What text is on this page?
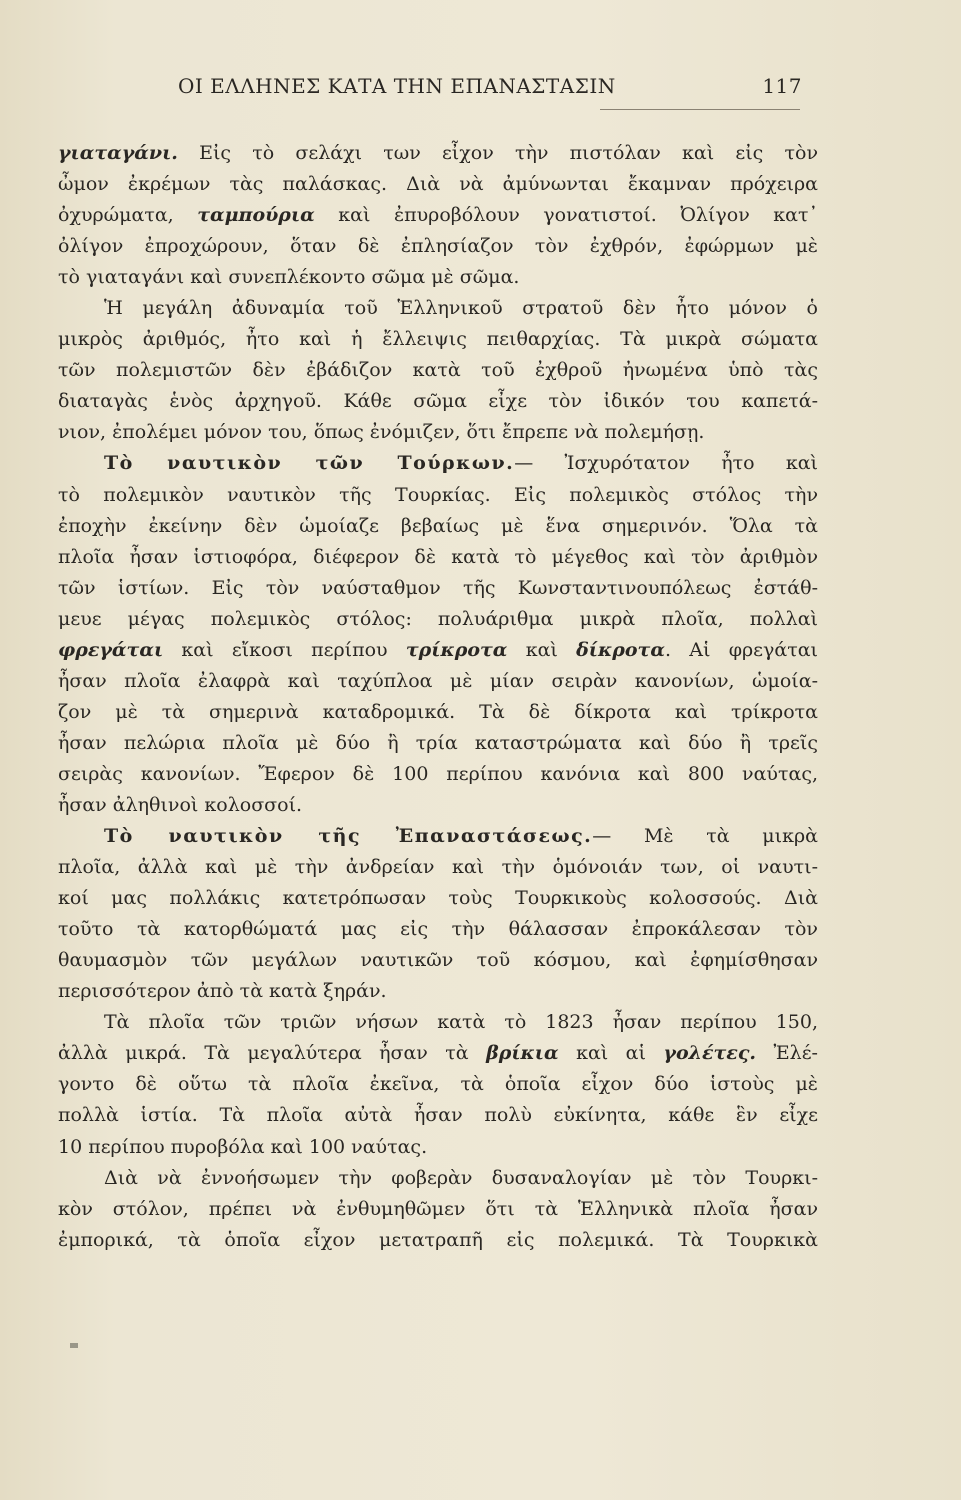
ΟΙ ΕΛΛΗΝΕΣ ΚΑΤΑ ΤΗΝ ΕΠΑΝΑΣΤΑΣΙΝ	117

γιαταγάνι. Εἰς τὸ σελάχι των εἶχον τὴν πιστόλαν καὶ εἰς τὸν

ὦμον ἐκρέμων τὰς παλάσκας. Διὰ νὰ ἀμύνωνται ἔκαμναν πρόχειρα

ὀχυρώματα, ταμπούρια καὶ ἐπυροβόλουν γονατιστοί. Ὀλίγον κατ᾽

ὀλίγον ἐπροχώρουν, ὅταν δὲ ἐπλησίαζον τὸν ἐχθρόν, ἐφώρμων μὲ

τὸ γιαταγάνι καὶ συνεπλέκοντο σῶμα μὲ σῶμα.

Ἡ μεγάλη ἀδυναμία τοῦ Ἑλληνικοῦ στρατοῦ δὲν ἦτο μόνον ὁ

μικρὸς ἀριθμός, ἦτο καὶ ἡ ἔλλειψις πειθαρχίας. Τὰ μικρὰ σώματα

τῶν πολεμιστῶν δὲν ἐβάδιζον κατὰ τοῦ ἐχθροῦ ἠνωμένα ὑπὸ τὰς

διαταγὰς ἑνὸς ἀρχηγοῦ. Κάθε σῶμα εἶχε τὸν ἰδικόν του καπετά-

νιον, ἐπολέμει μόνον του, ὅπως ἐνόμιζεν, ὅτι ἔπρεπε νὰ πολεμήσῃ.

Τὸ ναυτικὸν τῶν Τούρκων.— Ἰσχυρότατον ἦτο καὶ

τὸ πολεμικὸν ναυτικὸν τῆς Τουρκίας. Εἰς πολεμικὸς στόλος τὴν

ἐποχὴν ἐκείνην δὲν ὡμοίαζε βεβαίως μὲ ἕνα σημερινόν. Ὅλα τὰ

πλοῖα ἦσαν ἱστιοφόρα, διέφερον δὲ κατὰ τὸ μέγεθος καὶ τὸν ἀριθμὸν

τῶν ἱστίων. Εἰς τὸν ναύσταθμον τῆς Κωνσταντινουπόλεως ἐστάθ-

μευε μέγας πολεμικὸς στόλος: πολυάριθμα μικρὰ πλοῖα, πολλαὶ

φρεγάται καὶ εἴκοσι περίπου τρίκροτα καὶ δίκροτα. Αἱ φρεγάται

ἦσαν πλοῖα ἐλαφρὰ καὶ ταχύπλοα μὲ μίαν σειρὰν κανονίων, ὡμοία-

ζον μὲ τὰ σημερινὰ καταδρομικά. Τὰ δὲ δίκροτα καὶ τρίκροτα

ἦσαν πελώρια πλοῖα μὲ δύο ἢ τρία καταστρώματα καὶ δύο ἢ τρεῖς

σειρὰς κανονίων. Ἔφερον δὲ 100 περίπου κανόνια καὶ 800 ναύτας,

ἦσαν ἀληθινοὶ κολοσσοί.

Τὸ ναυτικὸν τῆς Ἐπαναστάσεως.— Μὲ τὰ μικρὰ

πλοῖα, ἀλλὰ καὶ μὲ τὴν ἀνδρείαν καὶ τὴν ὁμόνοιάν των, οἱ ναυτι-

κοί μας πολλάκις κατετρόπωσαν τοὺς Τουρκικοὺς κολοσσούς. Διὰ

τοῦτο τὰ κατορθώματά μας εἰς τὴν θάλασσαν ἐπροκάλεσαν τὸν

θαυμασμὸν τῶν μεγάλων ναυτικῶν τοῦ κόσμου, καὶ ἐφημίσθησαν

περισσότερον ἀπὸ τὰ κατὰ ξηράν.

Τὰ πλοῖα τῶν τριῶν νήσων κατὰ τὸ 1823 ἦσαν περίπου 150,

ἀλλὰ μικρά. Τὰ μεγαλύτερα ἦσαν τὰ βρίκια καὶ αἱ γολέτες. Ἐλέ-

γοντο δὲ οὕτω τὰ πλοῖα ἐκεῖνα, τὰ ὁποῖα εἶχον δύο ἱστοὺς μὲ

πολλὰ ἱστία. Τὰ πλοῖα αὐτὰ ἦσαν πολὺ εὐκίνητα, κάθε ἓν εἶχε

10 περίπου πυροβόλα καὶ 100 ναύτας.

Διὰ νὰ ἐννοήσωμεν τὴν φοβερὰν δυσαναλογίαν μὲ τὸν Τουρκι-

κὸν στόλον, πρέπει νὰ ἐνθυμηθῶμεν ὅτι τὰ Ἑλληνικὰ πλοῖα ἦσαν

ἐμπορικά, τὰ ὁποῖα εἶχον μετατραπῆ εἰς πολεμικά. Τὰ Τουρκικὰ
